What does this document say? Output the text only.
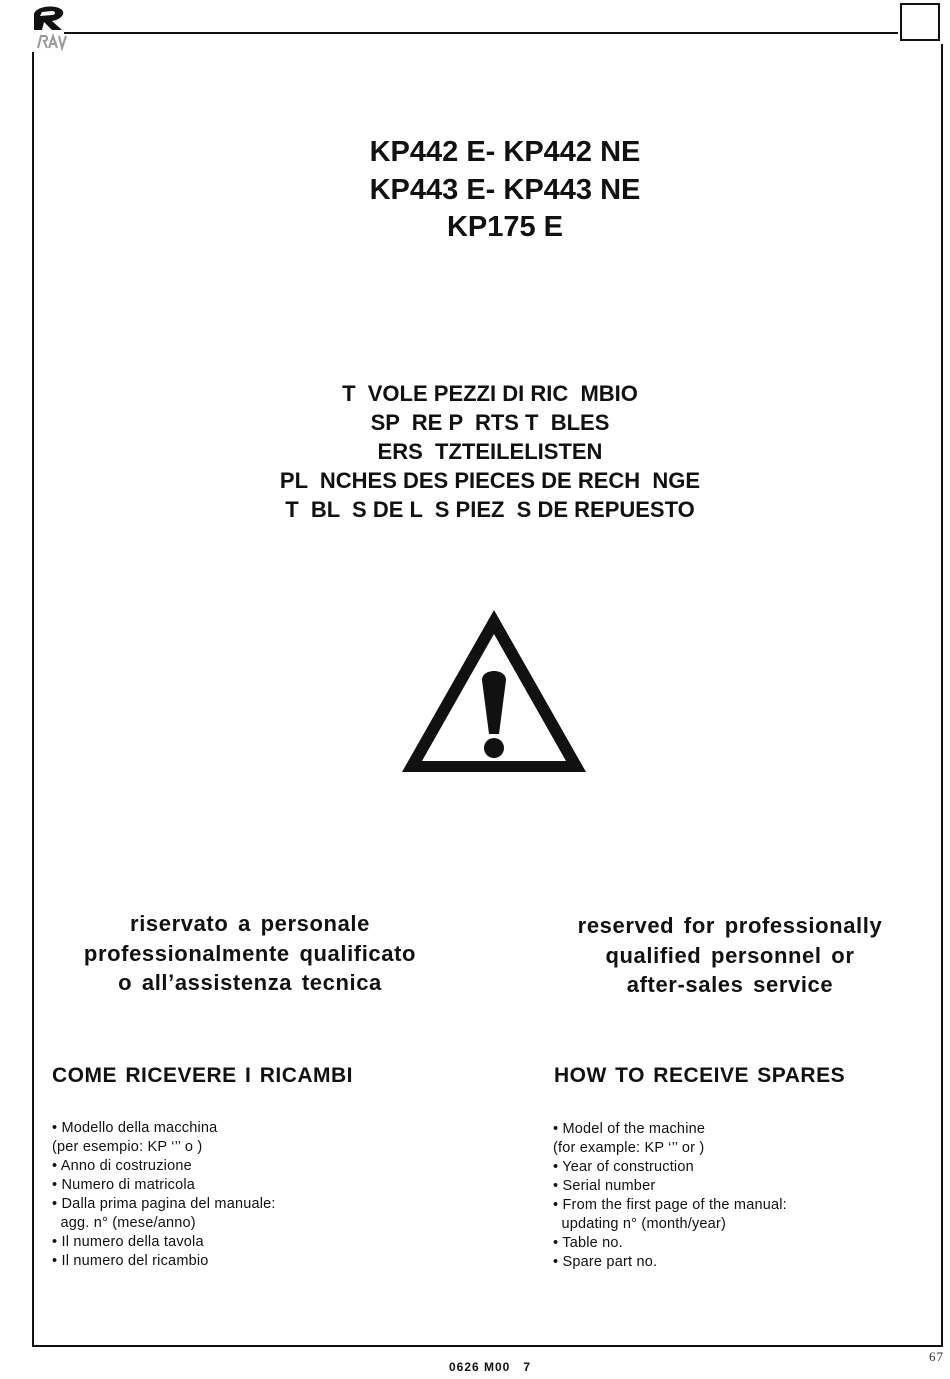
KP442 E- KP442 NE
KP443 E- KP443 NE
KP175 E
T  VOLE PEZZI DI RIC  MBIO
SP  RE P  RTS T  BLES
ERS  TZTEILELISTEN
PL  NCHES DES PIECES DE RECH  NGE
T  BL  S DE L  S PIEZ  S DE REPUESTO
riservato a personale
professionalmente qualificato
o all’assistenza tecnica
reserved for professionally
qualified personnel or
after-sales service
COME RICEVERE I RICAMBI	HOW TO RECEIVE SPARES
• Modello della macchina
(per esempio: KP ‘’’ o )
• Anno di costruzione
• Numero di matricola
• Dalla prima pagina del manuale:
agg. n° (mese/anno)
• Il numero della tavola
• Il numero del ricambio
• Model of the machine
(for example: KP ‘’’ or )
• Year of construction
• Serial number
• From the first page of the manual:
updating n° (month/year)
• Table no.
• Spare part no.
67
0626 M00   7
